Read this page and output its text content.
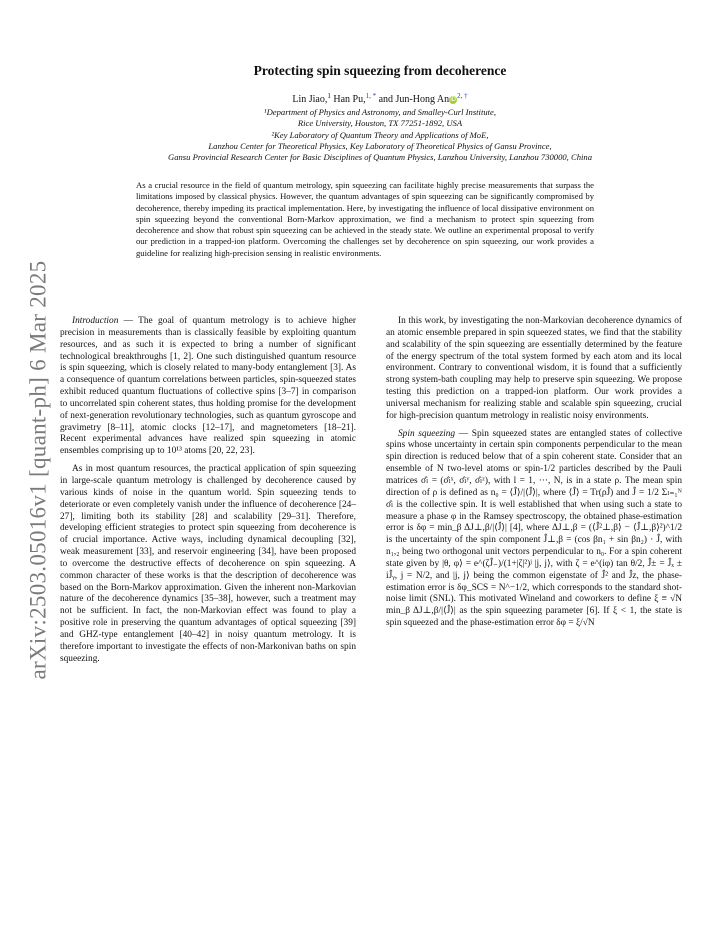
arXiv:2503.05016v1 [quant-ph] 6 Mar 2025
Protecting spin squeezing from decoherence
Lin Jiao,$^1$ Han Pu,$^{1, *}$ and Jun-Hong AniD$^{2, \dagger}$
¹Department of Physics and Astronomy, and Smalley-Curl Institute,
Rice University, Houston, TX 77251-1892, USA
²Key Laboratory of Quantum Theory and Applications of MoE,
Lanzhou Center for Theoretical Physics, Key Laboratory of Theoretical Physics of Gansu Province,
Gansu Provincial Research Center for Basic Disciplines of Quantum Physics, Lanzhou University, Lanzhou 730000, China
As a crucial resource in the field of quantum metrology, spin squeezing can facilitate highly precise measurements that surpass the limitations imposed by classical physics. However, the quantum advantages of spin squeezing can be significantly compromised by decoherence, thereby impeding its practical implementation. Here, by investigating the influence of local dissipative environment on spin squeezing beyond the conventional Born-Markov approximation, we find a mechanism to protect spin squeezing from decoherence and show that robust spin squeezing can be achieved in the steady state. We outline an experimental proposal to verify our prediction in a trapped-ion platform. Overcoming the challenges set by decoherence on spin squeezing, our work provides a guideline for realizing high-precision sensing in realistic environments.

Introduction — The goal of quantum metrology is to achieve higher precision in measurements than is classically feasible by exploiting quantum resources, and as such it is expected to bring a number of significant technological breakthroughs [1, 2]. One such distinguished quantum resource is spin squeezing, which is closely related to many-body entanglement [3]. As a consequence of quantum correlations between particles, spin-squeezed states exhibit reduced quantum fluctuations of collective spins [3–7] in comparison to uncorrelated spin coherent states, thus holding promise for the development of next-generation revolutionary technologies, such as quantum gyroscope and gravimetry [8–11], atomic clocks [12–17], and magnetometers [18–21]. Recent experimental advances have realized spin squeezing in atomic ensembles comprising up to 10¹³ atoms [20, 22, 23].

As in most quantum resources, the practical application of spin squeezing in large-scale quantum metrology is challenged by decoherence caused by various kinds of noise in the quantum world. Spin squeezing tends to deteriorate or even completely vanish under the influence of decoherence [24–27], limiting both its stability [28] and scalability [29–31]. Therefore, developing efficient strategies to protect spin squeezing from decoherence is of crucial importance. Active ways, including dynamical decoupling [32], weak measurement [33], and reservoir engineering [34], have been proposed to overcome the destructive effects of decoherence on spin squeezing. A common character of these works is that the description of decoherence was based on the Born-Markov approximation. Given the inherent non-Markovian nature of the decoherence dynamics [35–38], however, such a treatment may not be sufficient. In fact, the non-Markovian effect was found to play a positive role in preserving the quantum advantages of optical squeezing [39] and GHZ-type entanglement [40–42] in noisy quantum metrology. It is therefore important to investigate the effects of non-Markonivan baths on spin squeezing.

In this work, by investigating the non-Markovian decoherence dynamics of an atomic ensemble prepared in spin squeezed states, we find that the stability and scalability of the spin squeezing are essentially determined by the feature of the energy spectrum of the total system formed by each atom and its local environment. Contrary to conventional wisdom, it is found that a sufficiently strong system-bath coupling may help to preserve spin squeezing. We propose testing this prediction on a trapped-ion platform. Our work provides a universal mechanism for realizing stable and scalable spin squeezing, crucial for high-precision quantum metrology in realistic noisy environments.

Spin squeezing — Spin squeezed states are entangled states of collective spins whose uncertainty in certain spin components perpendicular to the mean spin direction is reduced below that of a spin coherent state. Consider that an ensemble of N two-level atoms or spin-1/2 particles described by the Pauli matrices σ̂ₗ = (σ̂ₗˣ, σ̂ₗʸ, σ̂ₗᶻ), with l = 1, ···, N, is in a state ρ. The mean spin direction of ρ is defined as n₀ = ⟨Ĵ⟩/|⟨Ĵ⟩|, where ⟨Ĵ⟩ = Tr(ρĴ) and Ĵ = 1/2 Σₗ₌₁ᴺ σ̂ₗ is the collective spin. It is well established that when using such a state to measure a phase φ in the Ramsey spectroscopy, the obtained phase-estimation error is δφ = min_β ΔJ⊥,β/|⟨Ĵ⟩| [4], where ΔJ⊥,β = (⟨Ĵ²⊥,β⟩ − ⟨Ĵ⊥,β⟩²)^1/2 is the uncertainty of the spin component Ĵ⊥,β = (cos βn₁ + sin βn₂) · Ĵ, with n₁,₂ being two orthogonal unit vectors perpendicular to n₀. For a spin coherent state given by |θ, φ⟩ = e^(ζĴ₋)/(1+|ζ|²)ʲ |j, j⟩, with ζ = e^(iφ) tan θ/2, Ĵ± = Ĵₓ ± iĴᵧ, j = N/2, and |j, j⟩ being the common eigenstate of Ĵ² and Ĵz, the phase-estimation error is δφ_SCS = N^−1/2, which corresponds to the standard shot-noise limit (SNL). This motivated Wineland and coworkers to define ξ ≡ √N min_β ΔJ⊥,β/|⟨Ĵ⟩| as the spin squeezing parameter [6]. If ξ < 1, the state is spin squeezed and the phase-estimation error δφ = ξ/√N
